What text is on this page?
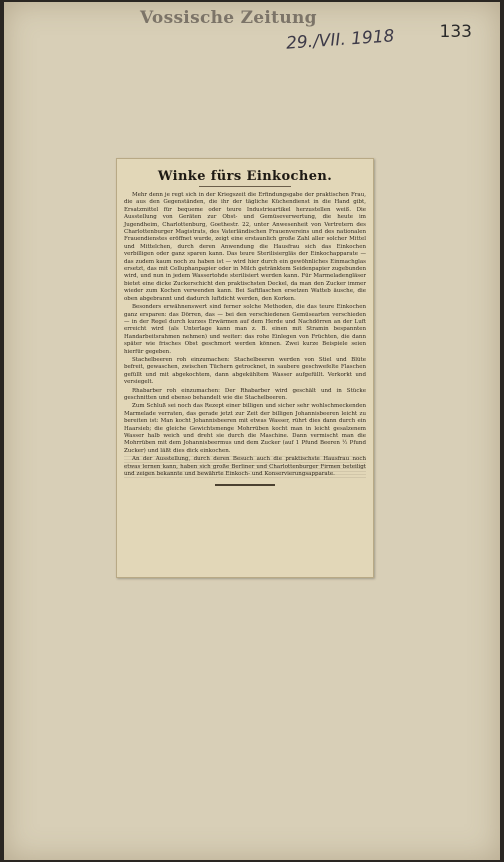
Vossische Zeitung
29./VII. 1918	133
Winke fürs Einkochen.

Mehr denn je regt sich in der Kriegszeit die Erfindungsgabe der praktischen Frau, die aus den Gegenständen, die ihr der tägliche Küchendienst in die Hand gibt, Ersatzmittel für bequeme oder teure Industrieartikel herzustellen weiß. Die Ausstellung von Geräten zur Obst- und Gemüseverwertung, die heute im Jugendheim, Charlottenburg, Goethestr. 22, unter Anwesenheit von Vertretern des Charlottenburger Magistrats, des Vaterländischen Frauenvereins und des nationalen Frauendienstes eröffnet wurde, zeigt eine erstaunlich große Zahl aller solcher Mittel und Mittelchen, durch deren Anwendung die Hausfrau sich das Einkochen verbilligen oder ganz sparen kann. Das teure Sterilisiergläs der Einkochapparate — das zudem kaum noch zu haben ist — wird hier durch ein gewöhnliches Einmachglas ersetzt, das mit Celluphanpapier oder in Milch getränktem Seidenpapier zugebunden wird, und nun in jedem Wassertohde sterilisiert werden kann. Für Marmeladengläser bietet eine dicke Zuckerschicht den praktischsten Deckel, da man den Zucker immer wieder zum Kochen verwenden kann. Bei Saftflaschen ersetzen Watteb äusche, die oben abgebrannt und dadurch luftdicht werden, den Korken.

Besonders erwähnenswert sind ferner solche Methoden, die das teure Einkochen ganz ersparen: das Dörren, das — bei den verschiedenen Gemüsearten verschieden — in der Regel durch kurzes Erwärmen auf dem Herde und Nachdörren an der Luft erreicht wird (als Unterlage kann man z. B. einen mit Stramin bespannten Handarbeitsrahmen nehmen) und weiter: das rohe Einlegen von Früchten, die dann später wie frisches Obst geschmort werden können. Zwei kurze Beispiele seien hierfür gegeben.

Stachelbeeren roh einzumachen: Stachelbeeren werden von Stiel und Blüte befreit, gewaschen, zwischen Tüchern getrocknet, in saubere geschwefelte Flaschen gefüllt und mit abgekochtem, dann abgekühltem Wasser aufgefüllt. Verkorkt und versiegelt.

Rhabarber roh einzumachen: Der Rhabarber wird geschält und in Stücke geschnitten und ebenso behandelt wie die Stachelbeeren.

Zum Schluß sei noch das Rezept einer billigen und sicher sehr wohlschmeckenden Marmelade verraten, das gerade jetzt zur Zeit der billigen Johannisbeeren leicht zu bereiten ist: Man kocht Johannisbeeren mit etwas Wasser, rührt dies dann durch ein Haarsieb; die gleiche Gewichtsmenge Mohrrüben kocht man in leicht gesalzenem Wasser halb weich und dreht sie durch die Maschine. Dann vermischt man die Mohrrüben mit dem Johannisbeermus und dem Zucker (auf 1 Pfund Beeren ½ Pfund Zucker) und läßt dies dick einkochen.

An der Ausstellung, durch deren Besuch auch die praktischste Hausfrau noch etwas lernen kann, haben sich große Berliner und Charlottenburger Firmen beteiligt und zeigen bekannte und bewährte Einkoch- und Konservierungsapparate.
